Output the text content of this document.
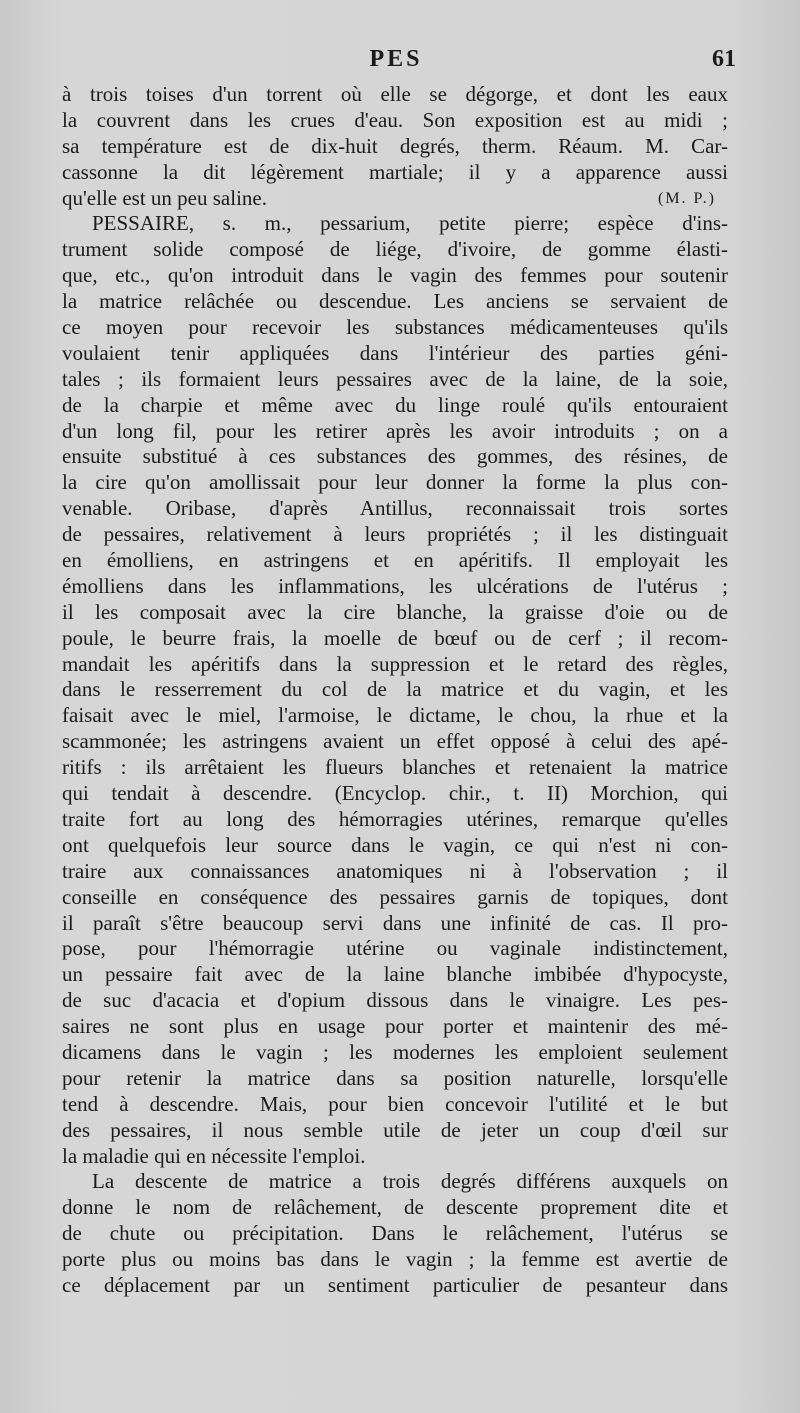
PES	61
à trois toises d'un torrent où elle se dégorge, et dont les eaux
la couvrent dans les crues d'eau. Son exposition est au midi ;
sa température est de dix-huit degrés, therm. Réaum. M. Car-
cassonne la dit légèrement martiale; il y a apparence aussi
qu'elle est un peu saline.	(M. P.)
PESSAIRE, s. m., pessarium, petite pierre; espèce d'ins-
trument solide composé de liége, d'ivoire, de gomme élasti-
que, etc., qu'on introduit dans le vagin des femmes pour soutenir
la matrice relâchée ou descendue. Les anciens se servaient de
ce moyen pour recevoir les substances médicamenteuses qu'ils
voulaient tenir appliquées dans l'intérieur des parties géni-
tales ; ils formaient leurs pessaires avec de la laine, de la soie,
de la charpie et même avec du linge roulé qu'ils entouraient
d'un long fil, pour les retirer après les avoir introduits ; on a
ensuite substitué à ces substances des gommes, des résines, de
la cire qu'on amollissait pour leur donner la forme la plus con-
venable. Oribase, d'après Antillus, reconnaissait trois sortes
de pessaires, relativement à leurs propriétés ; il les distinguait
en émolliens, en astringens et en apéritifs. Il employait les
émolliens dans les inflammations, les ulcérations de l'utérus ;
il les composait avec la cire blanche, la graisse d'oie ou de
poule, le beurre frais, la moelle de bœuf ou de cerf ; il recom-
mandait les apéritifs dans la suppression et le retard des règles,
dans le resserrement du col de la matrice et du vagin, et les
faisait avec le miel, l'armoise, le dictame, le chou, la rhue et la
scammonée; les astringens avaient un effet opposé à celui des apé-
ritifs : ils arrêtaient les flueurs blanches et retenaient la matrice
qui tendait à descendre. (Encyclop. chir., t. II) Morchion, qui
traite fort au long des hémorragies utérines, remarque qu'elles
ont quelquefois leur source dans le vagin, ce qui n'est ni con-
traire aux connaissances anatomiques ni à l'observation ; il
conseille en conséquence des pessaires garnis de topiques, dont
il paraît s'être beaucoup servi dans une infinité de cas. Il pro-
pose, pour l'hémorragie utérine ou vaginale indistinctement,
un pessaire fait avec de la laine blanche imbibée d'hypocyste,
de suc d'acacia et d'opium dissous dans le vinaigre. Les pes-
saires ne sont plus en usage pour porter et maintenir des mé-
dicamens dans le vagin ; les modernes les emploient seulement
pour retenir la matrice dans sa position naturelle, lorsqu'elle
tend à descendre. Mais, pour bien concevoir l'utilité et le but
des pessaires, il nous semble utile de jeter un coup d'œil sur
la maladie qui en nécessite l'emploi.
La descente de matrice a trois degrés différens auxquels on
donne le nom de relâchement, de descente proprement dite et
de chute ou précipitation. Dans le relâchement, l'utérus se
porte plus ou moins bas dans le vagin ; la femme est avertie de
ce déplacement par un sentiment particulier de pesanteur dans
